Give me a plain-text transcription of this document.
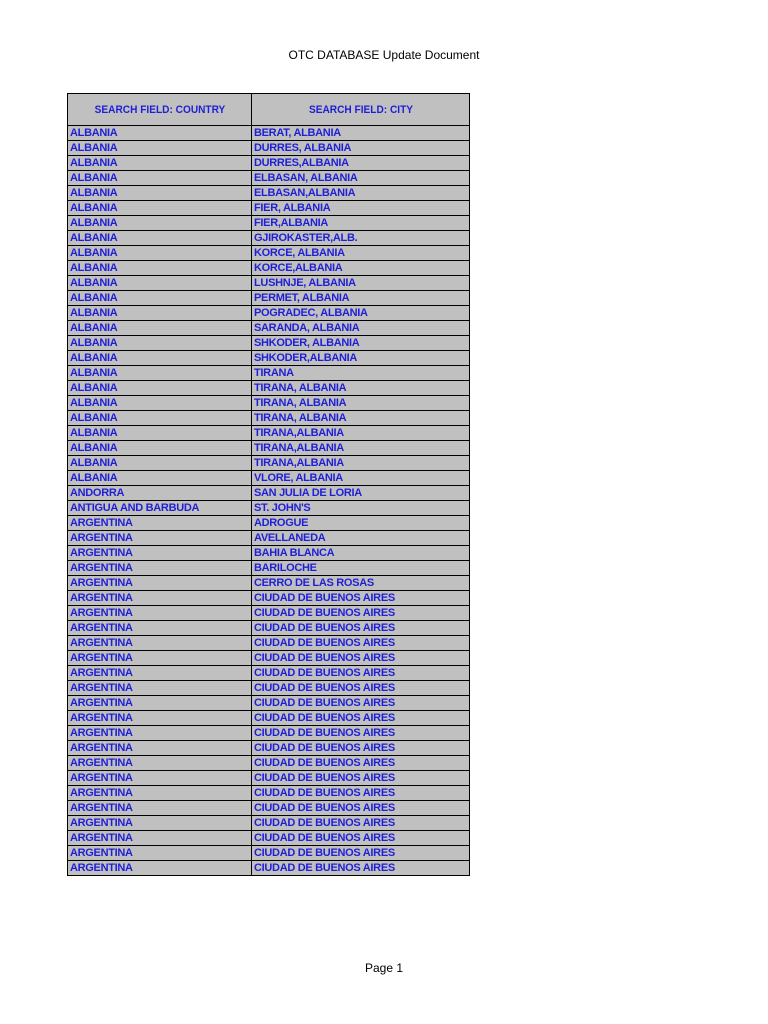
OTC DATABASE Update Document
SEARCH FIELD: COUNTRY	SEARCH FIELD: CITY
ALBANIA	BERAT, ALBANIA
ALBANIA	DURRES, ALBANIA
ALBANIA	DURRES,ALBANIA
ALBANIA	ELBASAN, ALBANIA
ALBANIA	ELBASAN,ALBANIA
ALBANIA	FIER, ALBANIA
ALBANIA	FIER,ALBANIA
ALBANIA	GJIROKASTER,ALB.
ALBANIA	KORCE, ALBANIA
ALBANIA	KORCE,ALBANIA
ALBANIA	LUSHNJE, ALBANIA
ALBANIA	PERMET, ALBANIA
ALBANIA	POGRADEC, ALBANIA
ALBANIA	SARANDA, ALBANIA
ALBANIA	SHKODER, ALBANIA
ALBANIA	SHKODER,ALBANIA
ALBANIA	TIRANA
ALBANIA	TIRANA, ALBANIA
ALBANIA	TIRANA, ALBANIA
ALBANIA	TIRANA, ALBANIA
ALBANIA	TIRANA,ALBANIA
ALBANIA	TIRANA,ALBANIA
ALBANIA	TIRANA,ALBANIA
ALBANIA	VLORE, ALBANIA
ANDORRA	SAN JULIA DE LORIA
ANTIGUA AND BARBUDA	ST. JOHN'S
ARGENTINA	ADROGUE
ARGENTINA	AVELLANEDA
ARGENTINA	BAHIA BLANCA
ARGENTINA	BARILOCHE
ARGENTINA	CERRO DE LAS ROSAS
ARGENTINA	CIUDAD DE BUENOS AIRES
ARGENTINA	CIUDAD DE BUENOS AIRES
ARGENTINA	CIUDAD DE BUENOS AIRES
ARGENTINA	CIUDAD DE BUENOS AIRES
ARGENTINA	CIUDAD DE BUENOS AIRES
ARGENTINA	CIUDAD DE BUENOS AIRES
ARGENTINA	CIUDAD DE BUENOS AIRES
ARGENTINA	CIUDAD DE BUENOS AIRES
ARGENTINA	CIUDAD DE BUENOS AIRES
ARGENTINA	CIUDAD DE BUENOS AIRES
ARGENTINA	CIUDAD DE BUENOS AIRES
ARGENTINA	CIUDAD DE BUENOS AIRES
ARGENTINA	CIUDAD DE BUENOS AIRES
ARGENTINA	CIUDAD DE BUENOS AIRES
ARGENTINA	CIUDAD DE BUENOS AIRES
ARGENTINA	CIUDAD DE BUENOS AIRES
ARGENTINA	CIUDAD DE BUENOS AIRES
ARGENTINA	CIUDAD DE BUENOS AIRES
ARGENTINA	CIUDAD DE BUENOS AIRES
Page 1
